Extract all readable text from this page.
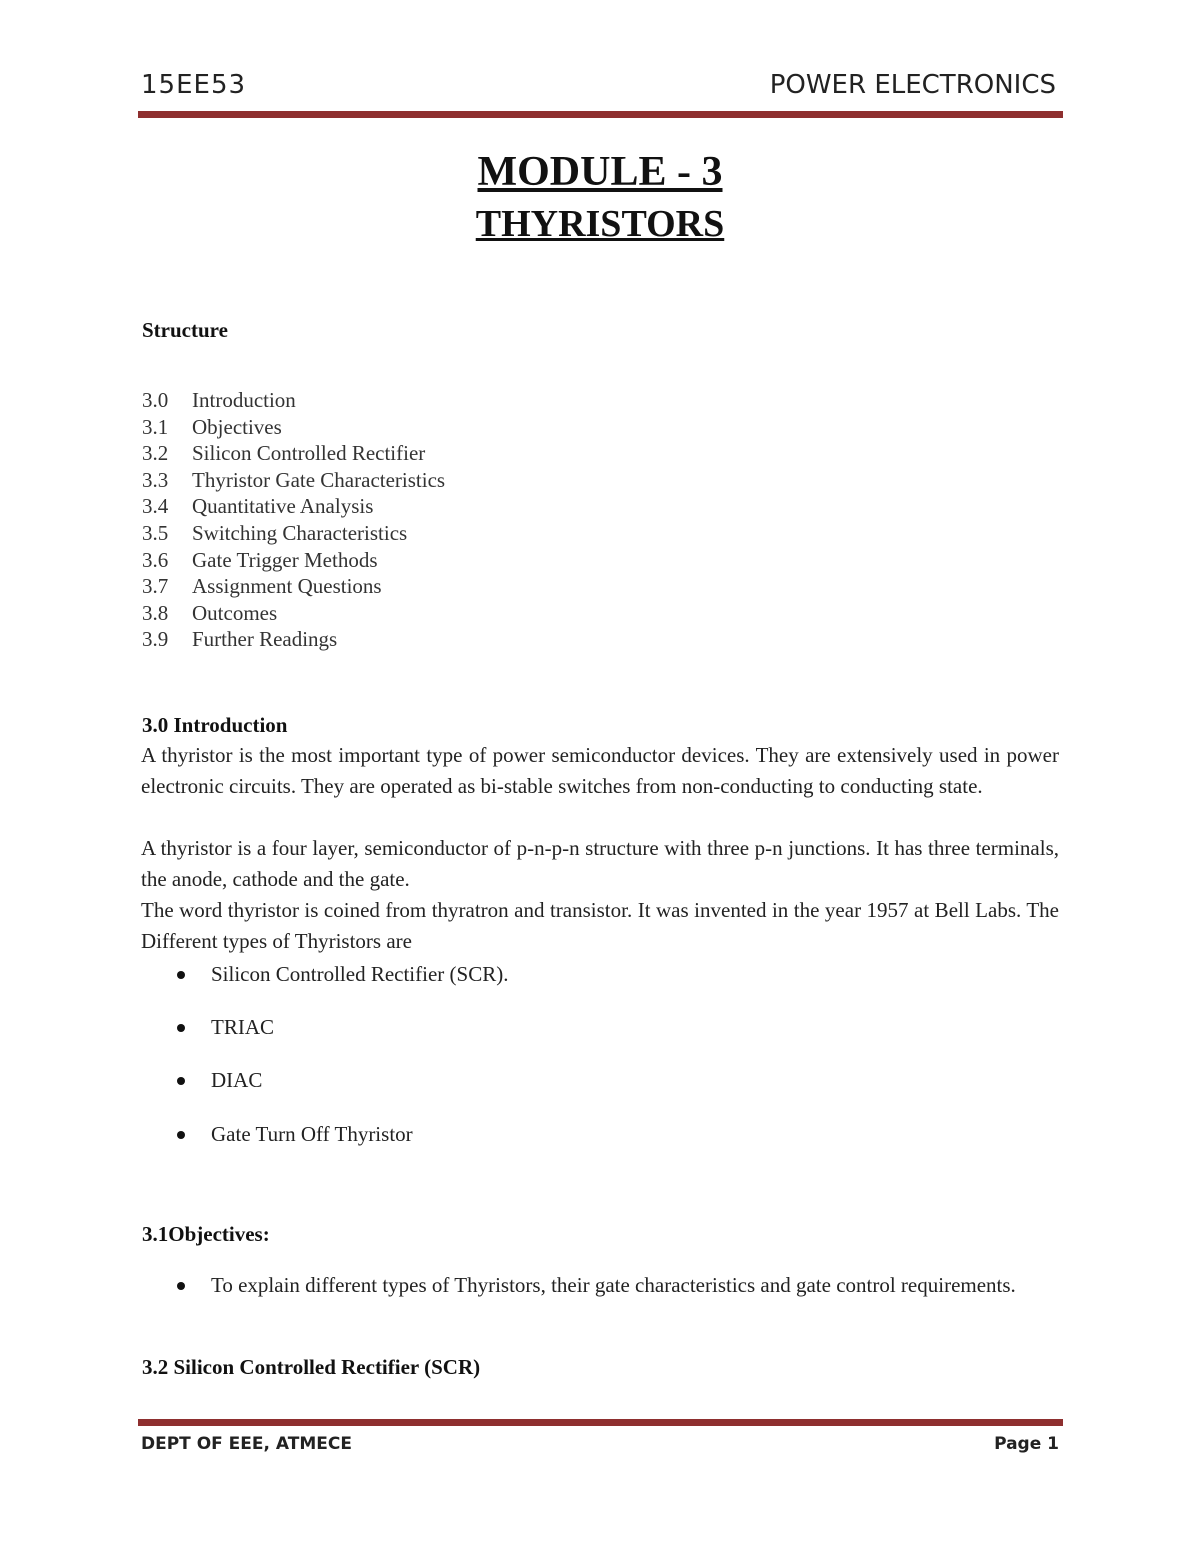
15EE53	POWER ELECTRONICS
MODULE - 3
THYRISTORS
Structure
3.0 Introduction
3.1 Objectives
3.2 Silicon Controlled Rectifier
3.3 Thyristor Gate Characteristics
3.4 Quantitative Analysis
3.5 Switching Characteristics
3.6 Gate Trigger Methods
3.7 Assignment Questions
3.8 Outcomes
3.9 Further Readings
3.0 Introduction

A thyristor is the most important type of power semiconductor devices. They are extensively used in power electronic circuits. They are operated as bi-stable switches from non-conducting to conducting state.

A thyristor is a four layer, semiconductor of p-n-p-n structure with three p-n junctions. It has three terminals, the anode, cathode and the gate.

The word thyristor is coined from thyratron and transistor. It was invented in the year 1957 at Bell Labs. The Different types of Thyristors are

Silicon Controlled Rectifier (SCR).
TRIAC
DIAC
Gate Turn Off Thyristor
3.1Objectives:
To explain different types of Thyristors, their gate characteristics and gate control requirements.
3.2 Silicon Controlled Rectifier (SCR)
DEPT OF EEE, ATMECE	Page 1
